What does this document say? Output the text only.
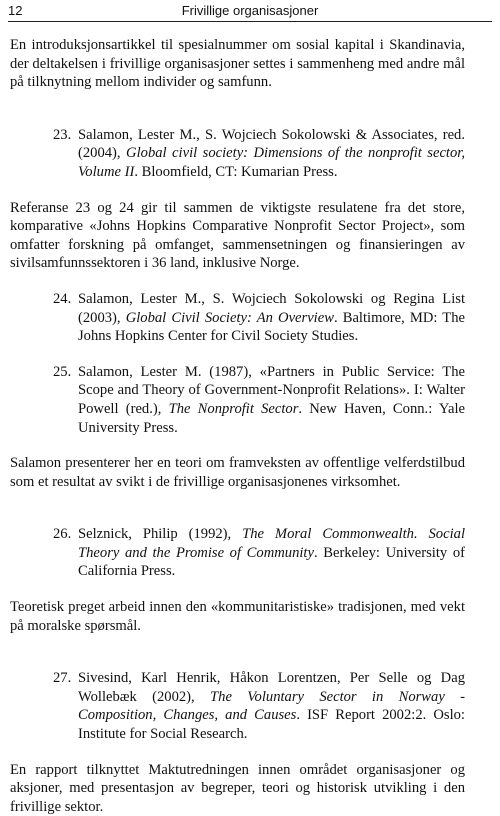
12	Frivillige organisasjoner

En introduksjonsartikkel til spesialnummer om sosial kapital i Skandinavia, der deltakelsen i frivillige organisasjoner settes i sammenheng med andre mål på tilknytning mellom individer og samfunn.

23. Salamon, Lester M., S. Wojciech Sokolowski & Associates, red. (2004), Global civil society: Dimensions of the nonprofit sector, Volume II. Bloomfield, CT: Kumarian Press.

Referanse 23 og 24 gir til sammen de viktigste resulatene fra det store, komparative «Johns Hopkins Comparative Nonprofit Sector Project», som omfatter forskning på omfanget, sammensetningen og finansieringen av sivilsamfunnssektoren i 36 land, inklusive Norge.

24. Salamon, Lester M., S. Wojciech Sokolowski og Regina List (2003), Global Civil Society: An Overview. Baltimore, MD: The Johns Hopkins Center for Civil Society Studies.
25. Salamon, Lester M. (1987), «Partners in Public Service: The Scope and Theory of Government-Nonprofit Relations». I: Walter Powell (red.), The Nonprofit Sector. New Haven, Conn.: Yale University Press.

Salamon presenterer her en teori om framveksten av offentlige velferdstilbud som et resultat av svikt i de frivillige organisasjonenes virksomhet.

26. Selznick, Philip (1992), The Moral Commonwealth. Social Theory and the Promise of Community. Berkeley: University of California Press.

Teoretisk preget arbeid innen den «kommunitaristiske» tradisjonen, med vekt på moralske spørsmål.

27. Sivesind, Karl Henrik, Håkon Lorentzen, Per Selle og Dag Wollebæk (2002), The Voluntary Sector in Norway - Composition, Changes, and Causes. ISF Report 2002:2. Oslo: Institute for Social Research.

En rapport tilknyttet Maktutredningen innen området organisasjoner og aksjoner, med presentasjon av begreper, teori og historisk utvikling i den frivillige sektor.
